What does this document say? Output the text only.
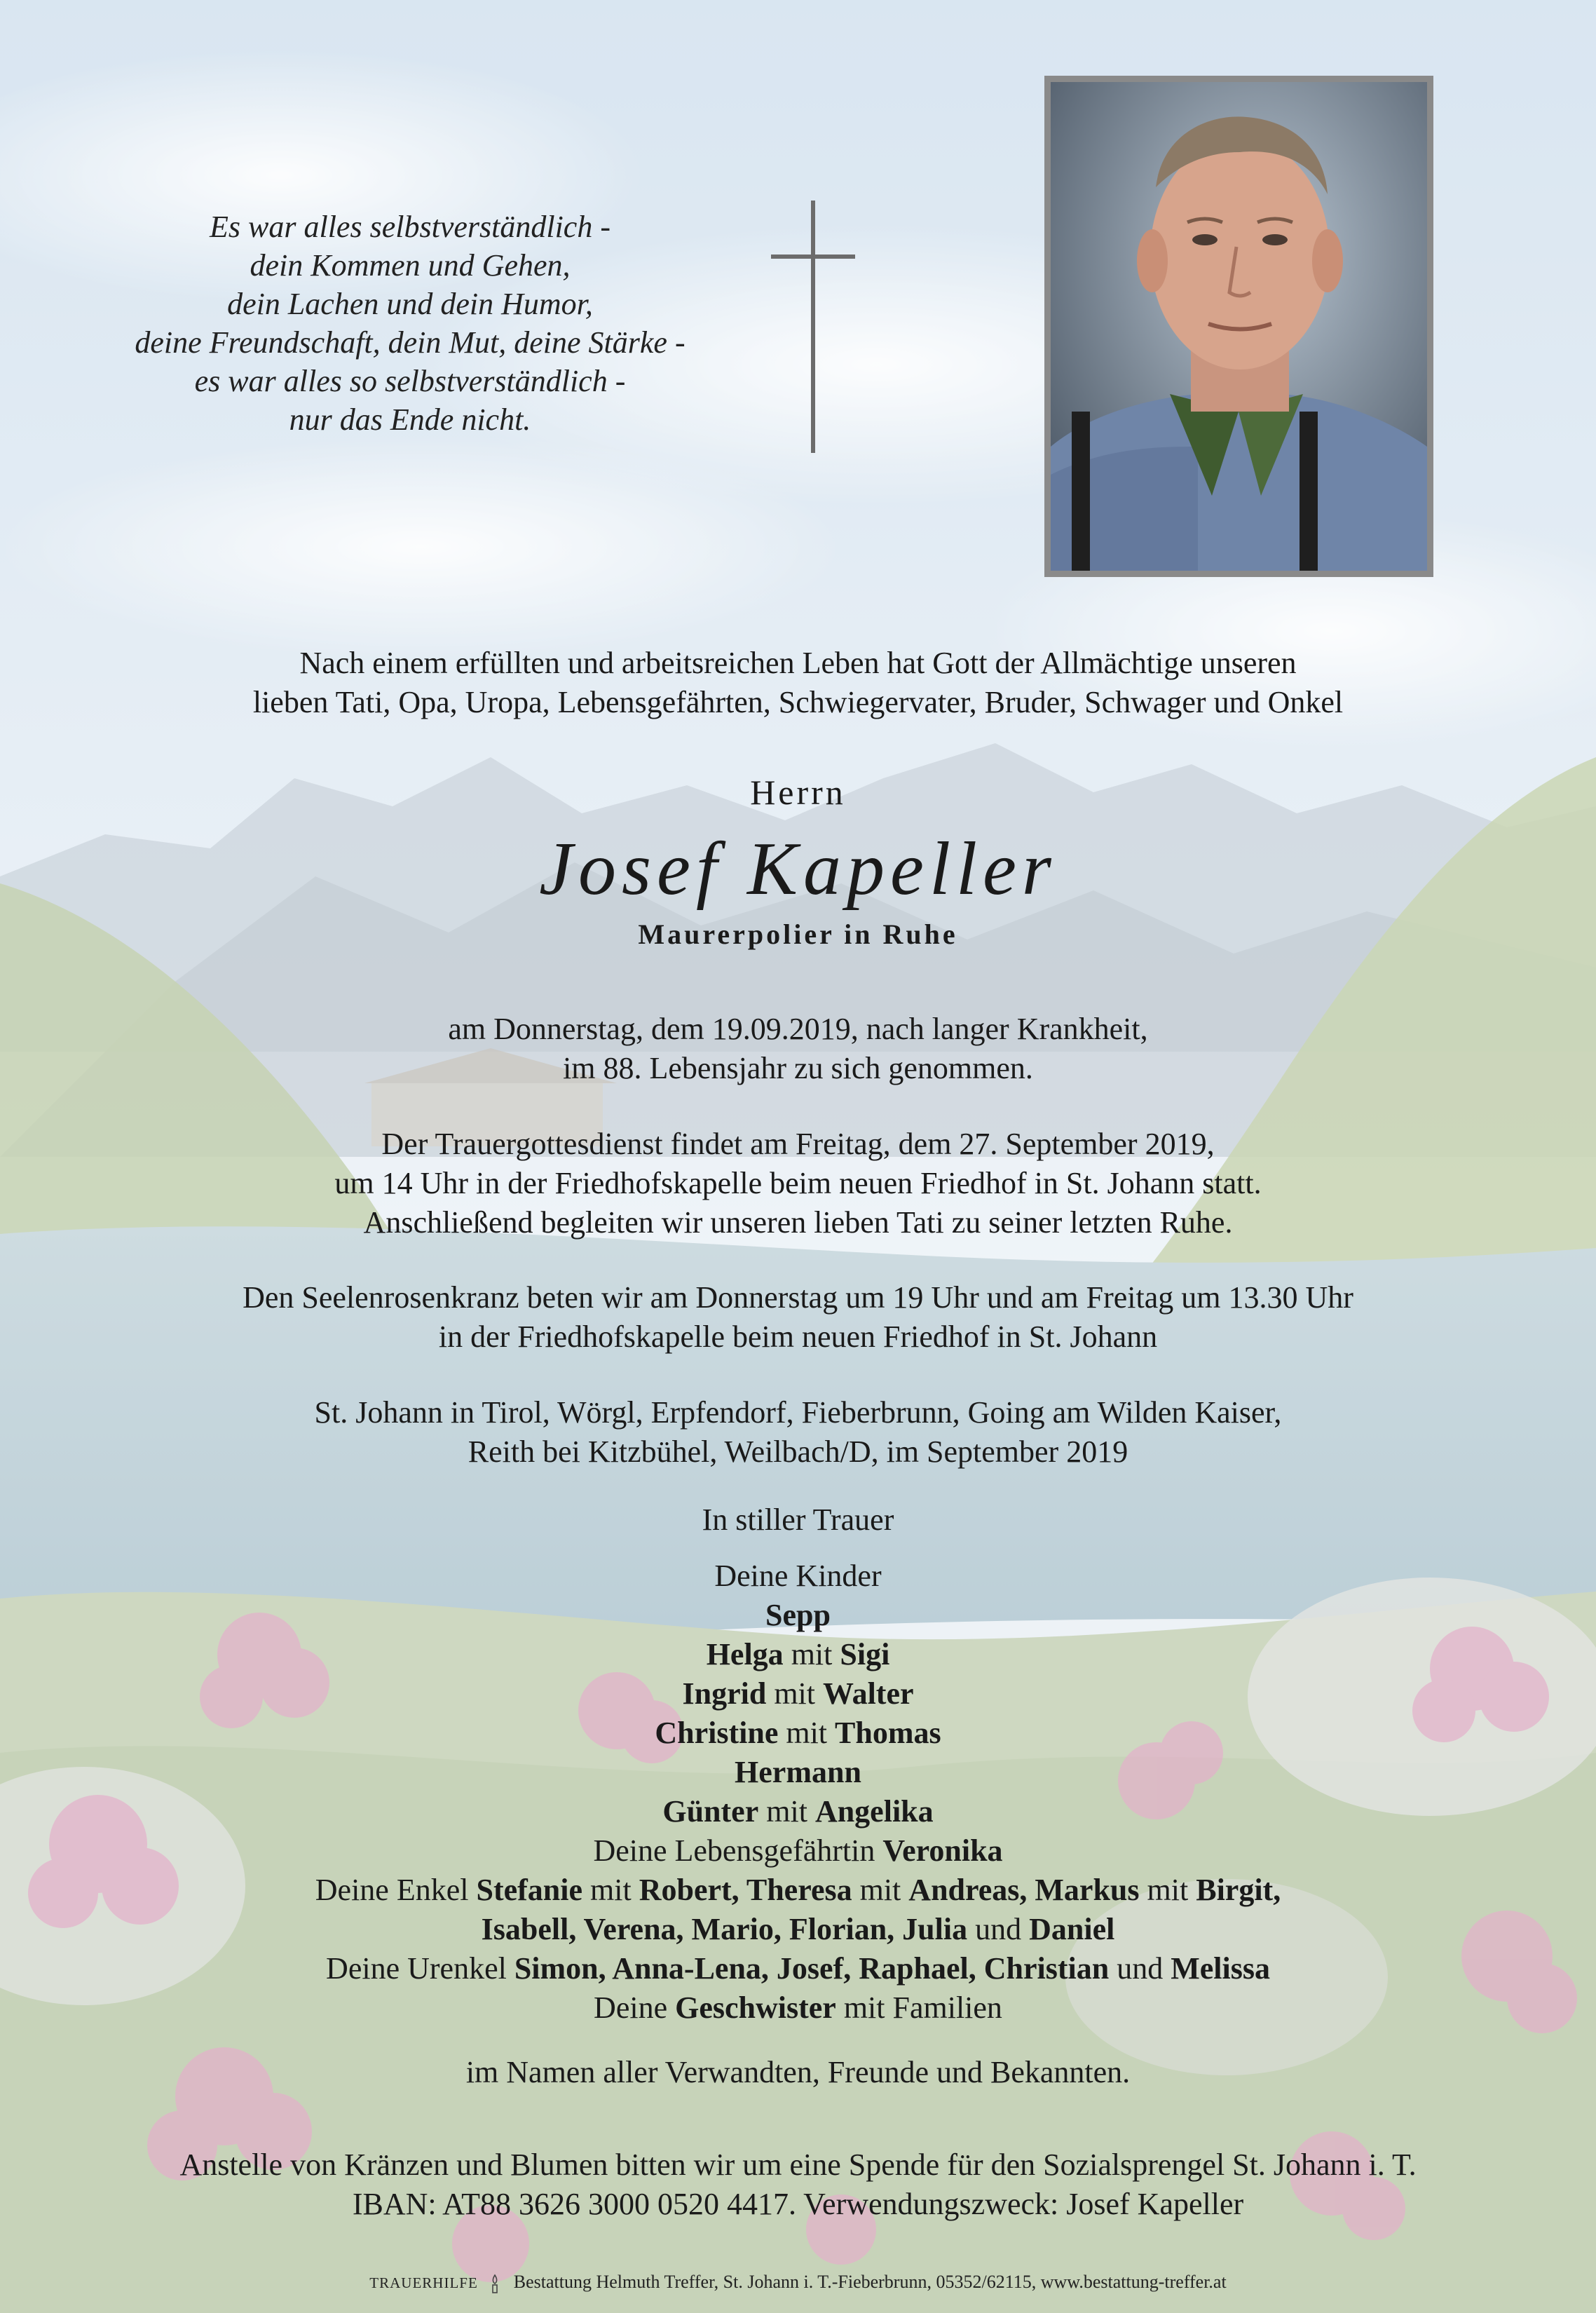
Es war alles selbstverständlich -
dein Kommen und Gehen,
dein Lachen und dein Humor,
deine Freundschaft, dein Mut, deine Stärke -
es war alles so selbstverständlich -
nur das Ende nicht.
Nach einem erfüllten und arbeitsreichen Leben hat Gott der Allmächtige unseren
lieben Tati, Opa, Uropa, Lebensgefährten, Schwiegervater, Bruder, Schwager und Onkel
Herrn
Josef Kapeller
Maurerpolier in Ruhe
am Donnerstag, dem 19.09.2019, nach langer Krankheit,
im 88. Lebensjahr zu sich genommen.
Der Trauergottesdienst findet am Freitag, dem 27. September 2019,
um 14 Uhr in der Friedhofskapelle beim neuen Friedhof in St. Johann statt.
Anschließend begleiten wir unseren lieben Tati zu seiner letzten Ruhe.
Den Seelenrosenkranz beten wir am Donnerstag um 19 Uhr und am Freitag um 13.30 Uhr
in der Friedhofskapelle beim neuen Friedhof in St. Johann
St. Johann in Tirol, Wörgl, Erpfendorf, Fieberbrunn, Going am Wilden Kaiser,
Reith bei Kitzbühel, Weilbach/D, im September 2019
In stiller Trauer
Deine Kinder
Sepp
Helga mit Sigi
Ingrid mit Walter
Christine mit Thomas
Hermann
Günter mit Angelika
Deine Lebensgefährtin Veronika
Deine Enkel Stefanie mit Robert, Theresa mit Andreas, Markus mit Birgit,
Isabell, Verena, Mario, Florian, Julia und Daniel
Deine Urenkel Simon, Anna-Lena, Josef, Raphael, Christian und Melissa
Deine Geschwister mit Familien
im Namen aller Verwandten, Freunde und Bekannten.
Anstelle von Kränzen und Blumen bitten wir um eine Spende für den Sozialsprengel St. Johann i. T.
IBAN: AT88 3626 3000 0520 4417. Verwendungszweck: Josef Kapeller
TRAUERHILFE Bestattung Helmuth Treffer, St. Johann i. T.-Fieberbrunn, 05352/62115, www.bestattung-treffer.at
